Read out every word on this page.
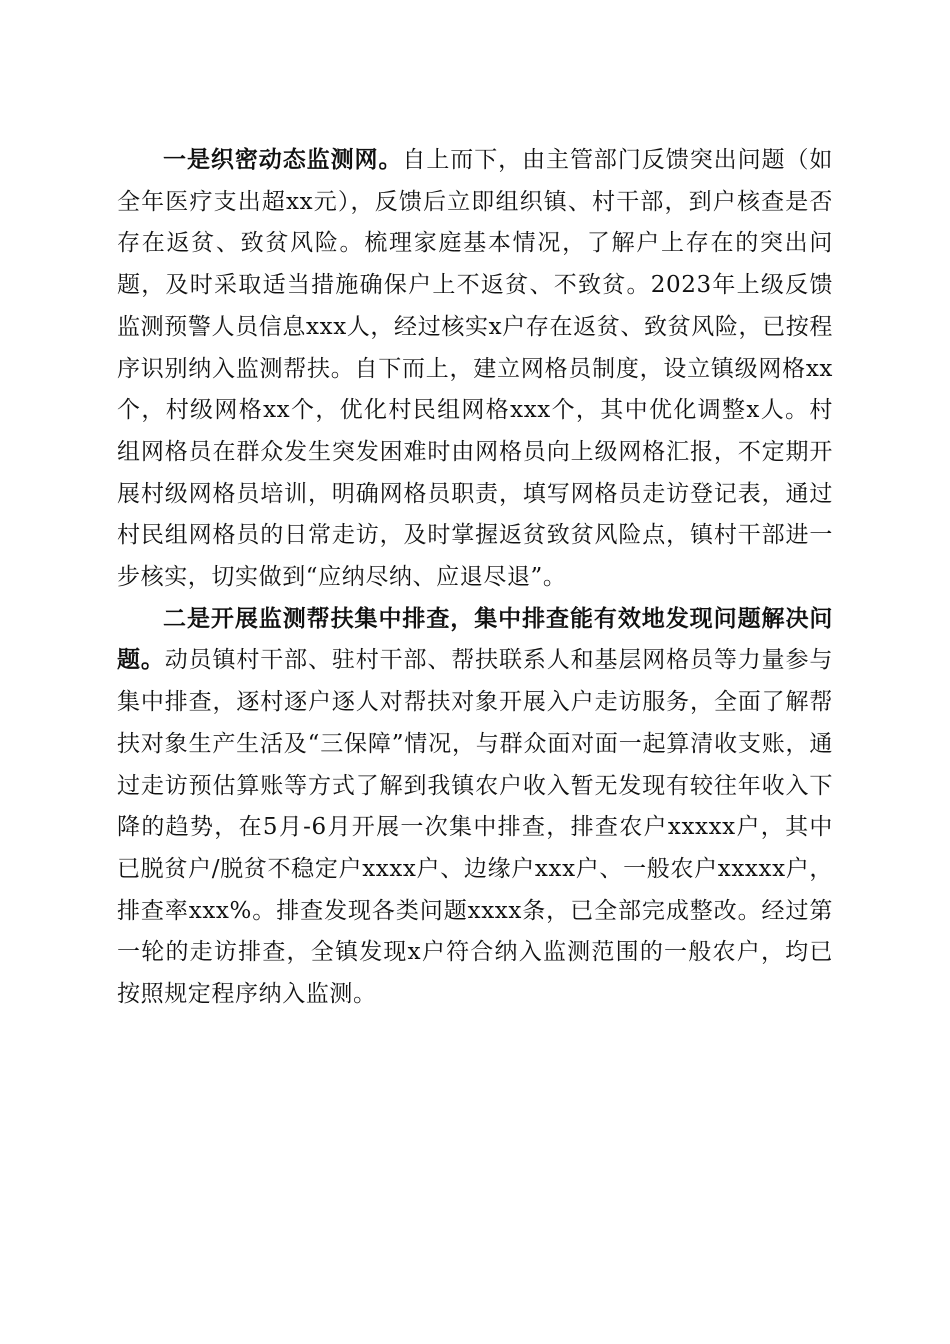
一是织密动态监测网。自上而下，由主管部门反馈突出问题（如全年医疗支出超xx元），反馈后立即组织镇、村干部，到户核查是否存在返贫、致贫风险。梳理家庭基本情况，了解户上存在的突出问题，及时采取适当措施确保户上不返贫、不致贫。2023年上级反馈监测预警人员信息xxx人，经过核实x户存在返贫、致贫风险，已按程序识别纳入监测帮扶。自下而上，建立网格员制度，设立镇级网格xx个，村级网格xx个，优化村民组网格xxx个，其中优化调整x人。村组网格员在群众发生突发困难时由网格员向上级网格汇报，不定期开展村级网格员培训，明确网格员职责，填写网格员走访登记表，通过村民组网格员的日常走访，及时掌握返贫致贫风险点，镇村干部进一步核实，切实做到“应纳尽纳、应退尽退”。

二是开展监测帮扶集中排查，集中排查能有效地发现问题解决问题。动员镇村干部、驻村干部、帮扶联系人和基层网格员等力量参与集中排查，逐村逐户逐人对帮扶对象开展入户走访服务，全面了解帮扶对象生产生活及“三保障”情况，与群众面对面一起算清收支账，通过走访预估算账等方式了解到我镇农户收入暂无发现有较往年收入下降的趋势，在5月-6月开展一次集中排查，排查农户xxxxx户，其中已脱贫户/脱贫不稳定户xxxx户、边缘户xxx户、一般农户xxxxx户，排查率xxx%。排查发现各类问题xxxx条，已全部完成整改。经过第一轮的走访排查，全镇发现x户符合纳入监测范围的一般农户，均已按照规定程序纳入监测。
